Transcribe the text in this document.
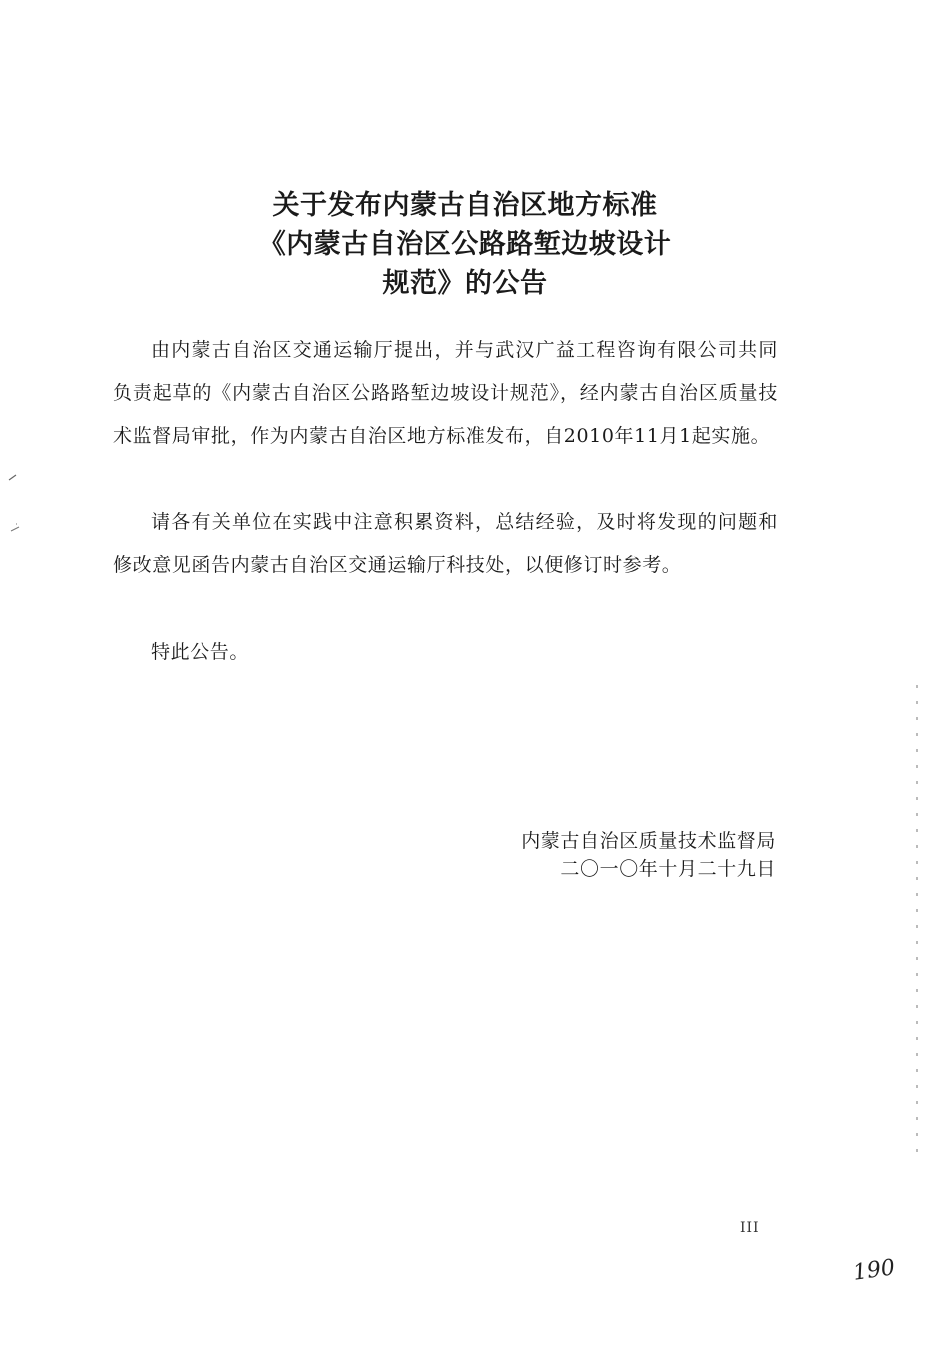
关于发布内蒙古自治区地方标准
《内蒙古自治区公路路堑边坡设计
规范》的公告

由内蒙古自治区交通运输厅提出，并与武汉广益工程咨询有限公司共同负责起草的《内蒙古自治区公路路堑边坡设计规范》，经内蒙古自治区质量技术监督局审批，作为内蒙古自治区地方标准发布，自2010年11月1起实施。

请各有关单位在实践中注意积累资料，总结经验，及时将发现的问题和修改意见函告内蒙古自治区交通运输厅科技处，以便修订时参考。

特此公告。

内蒙古自治区质量技术监督局
二〇一〇年十月二十九日
III
190
